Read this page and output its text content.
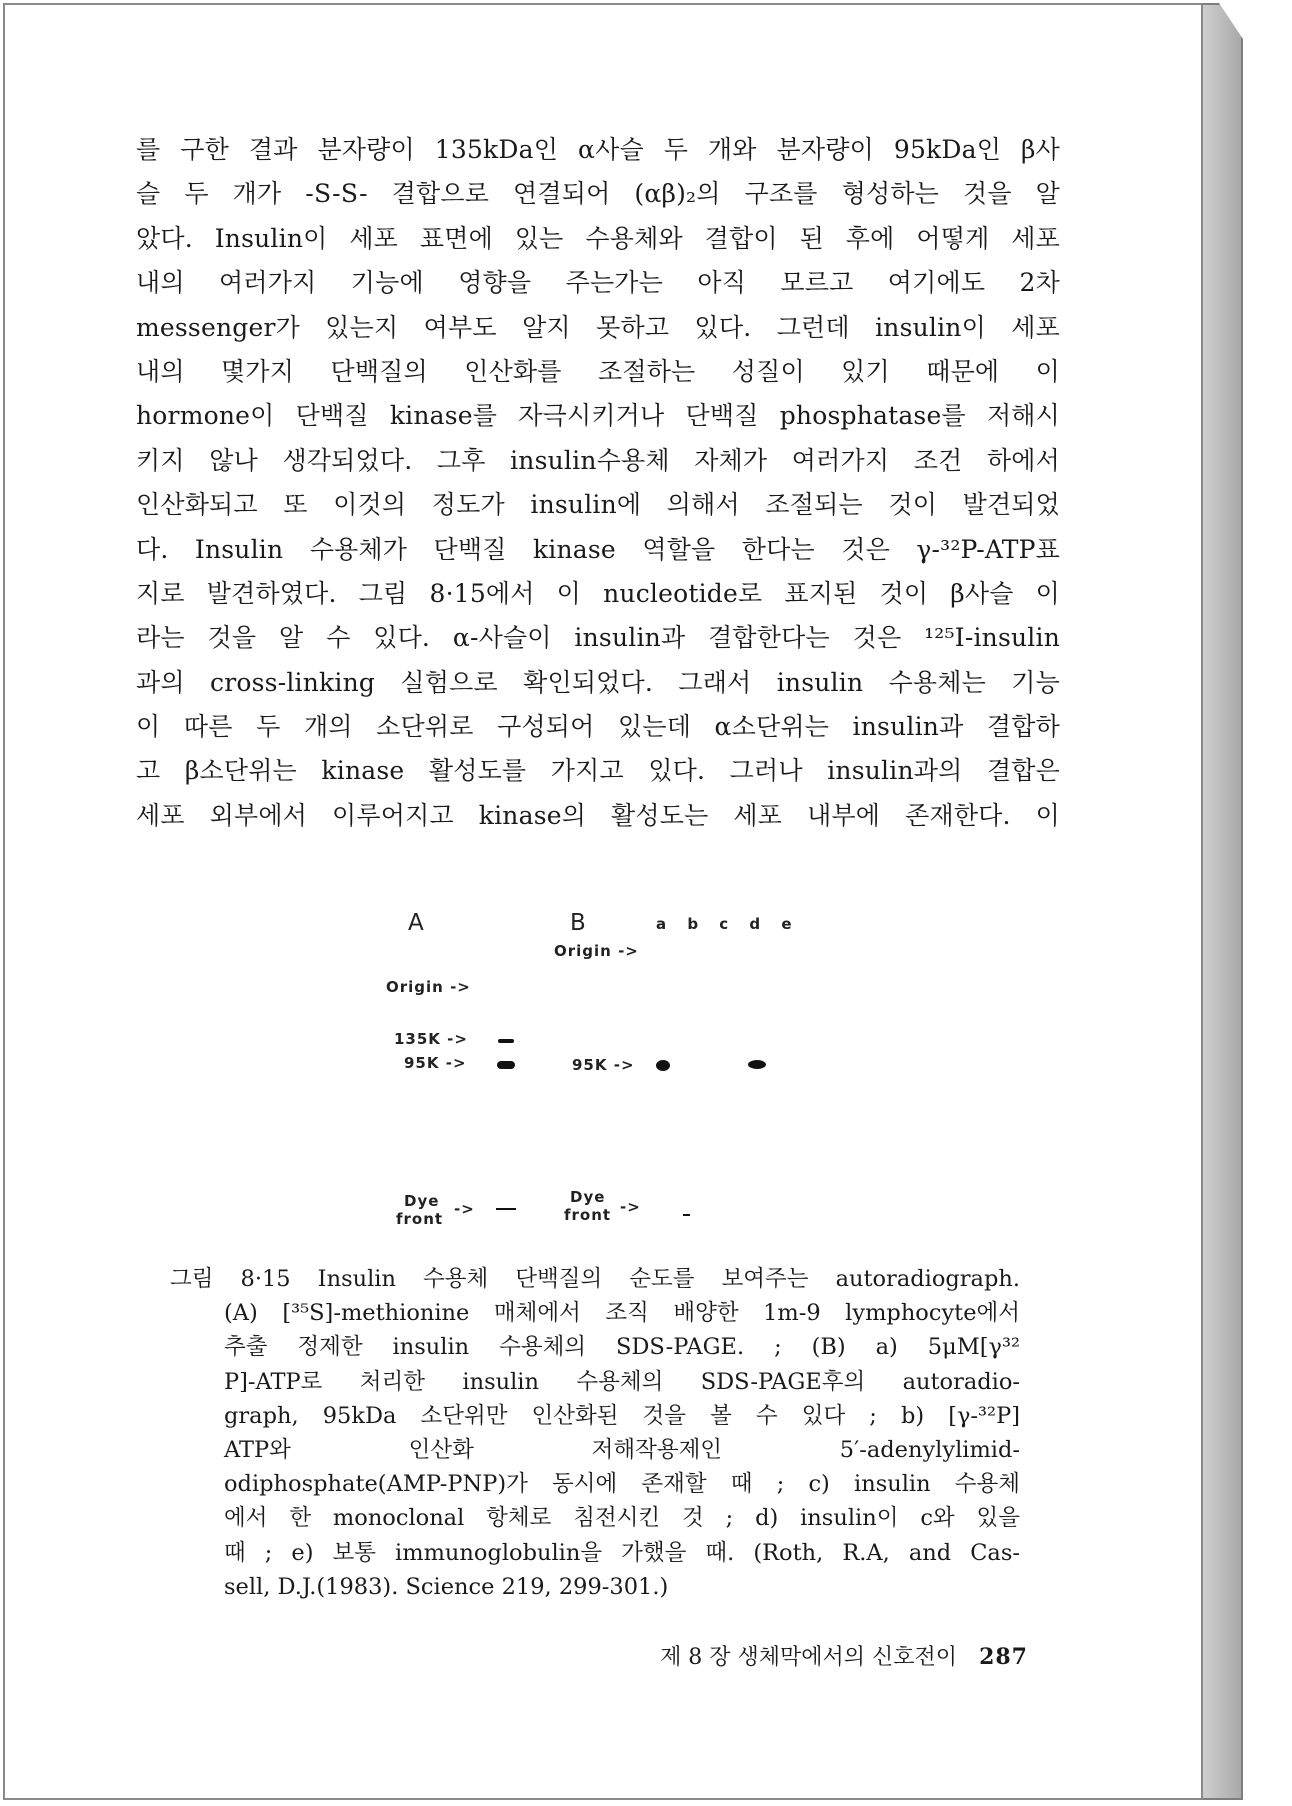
를 구한 결과 분자량이 135kDa인 α사슬 두 개와 분자량이 95kDa인 β사
슬 두 개가 -S-S- 결합으로 연결되어 (αβ)₂의 구조를 형성하는 것을 알
았다. Insulin이 세포 표면에 있는 수용체와 결합이 된 후에 어떻게 세포
내의 여러가지 기능에 영향을 주는가는 아직 모르고 여기에도 2차
messenger가 있는지 여부도 알지 못하고 있다. 그런데 insulin이 세포
내의 몇가지 단백질의 인산화를 조절하는 성질이 있기 때문에 이
hormone이 단백질 kinase를 자극시키거나 단백질 phosphatase를 저해시
키지 않나 생각되었다. 그후 insulin수용체 자체가 여러가지 조건 하에서
인산화되고 또 이것의 정도가 insulin에 의해서 조절되는 것이 발견되었
다. Insulin 수용체가 단백질 kinase 역할을 한다는 것은 γ-³²P-ATP표
지로 발견하였다. 그림 8·15에서 이 nucleotide로 표지된 것이 β사슬 이
라는 것을 알 수 있다. α-사슬이 insulin과 결합한다는 것은 ¹²⁵I-insulin
과의 cross-linking 실험으로 확인되었다. 그래서 insulin 수용체는 기능
이 따른 두 개의 소단위로 구성되어 있는데 α소단위는 insulin과 결합하
고 β소단위는 kinase 활성도를 가지고 있다. 그러나 insulin과의 결합은
세포 외부에서 이루어지고 kinase의 활성도는 세포 내부에 존재한다. 이
A	B	a b c d e
Origin ->
Origin ->
135K ->
95K ->	95K ->
Dye
front
->
Dye
front ->
그림 8·15 Insulin 수용체 단백질의 순도를 보여주는 autoradiograph.
(A) [³⁵S]-methionine 매체에서 조직 배양한 1m-9 lymphocyte에서
추출 정제한 insulin 수용체의 SDS-PAGE. ; (B) a) 5μM[γ³²
P]-ATP로 처리한 insulin 수용체의 SDS-PAGE후의 autoradio-
graph, 95kDa 소단위만 인산화된 것을 볼 수 있다 ; b) [γ-³²P]
ATP와 인산화 저해작용제인 5′-adenylylimid-
odiphosphate(AMP-PNP)가 동시에 존재할 때 ; c) insulin 수용체
에서 한 monoclonal 항체로 침전시킨 것 ; d) insulin이 c와 있을
때 ; e) 보통 immunoglobulin을 가했을 때. (Roth, R.A, and Cas-
sell, D.J.(1983). Science 219, 299-301.)
제 8 장 생체막에서의 신호전이 287
